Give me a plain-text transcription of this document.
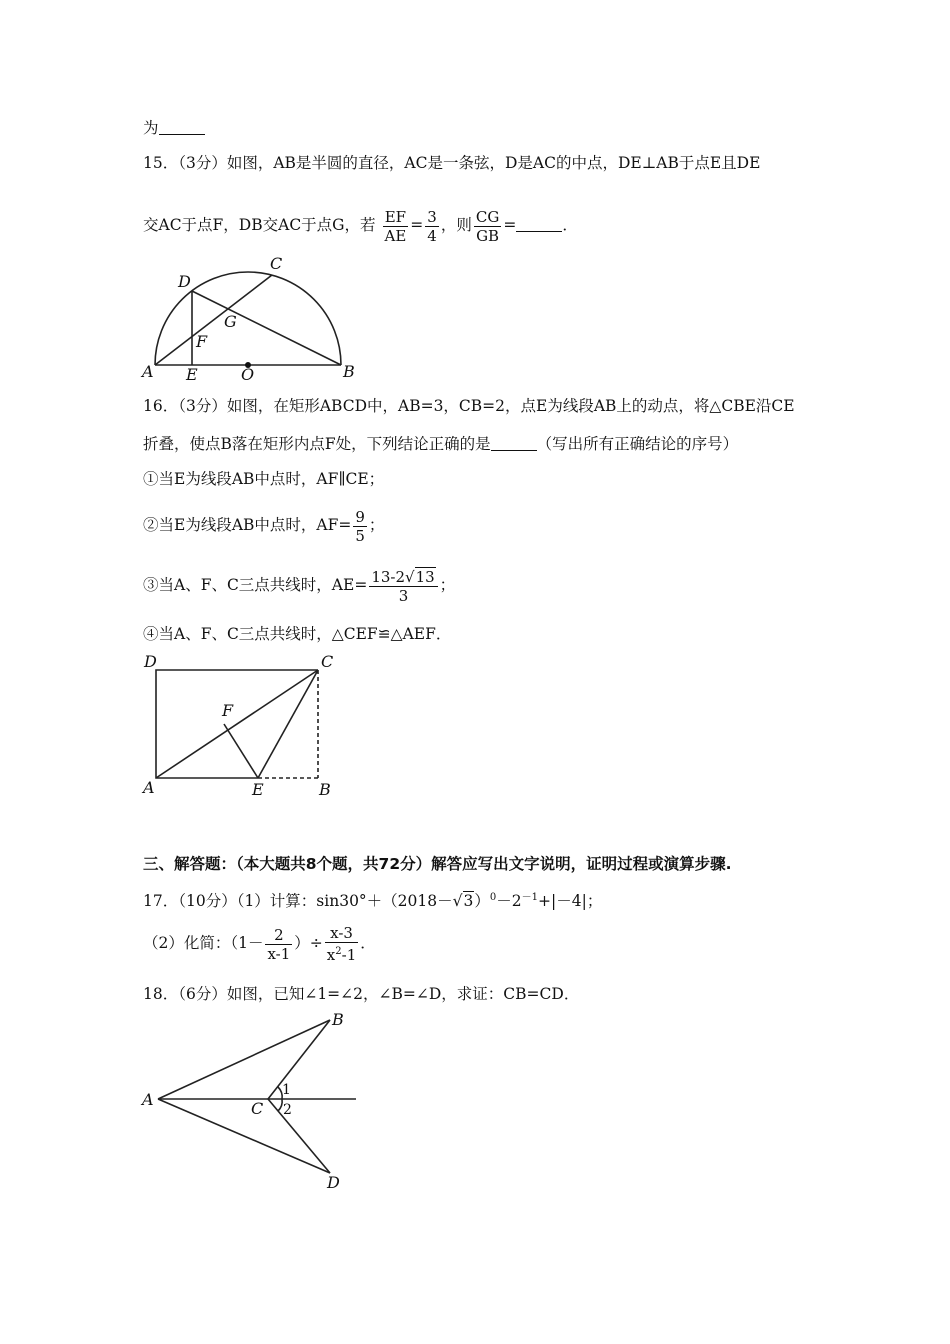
为
15．（3分）如图，AB是半圆的直径，AC是一条弦，D是AC的中点，DE⊥AB于点E且DE
交AC于点F，DB交AC于点G，若 $\frac{EF}{AE} = \frac{3}{4}$ ，则 $\frac{CG}{GB}$ =	．
D
C
G
F
A E	O	B
16．（3分）如图，在矩形ABCD中，AB=3，CB=2，点E为线段AB上的动点，将△CBE沿CE
折叠，使点B落在矩形内点F处，下列结论正确的是	（写出所有正确结论的序号）
①当E为线段AB中点时，AF∥CE；
②当E为线段AB中点时，$AF= \frac{9}{5}$ ；
③当A、F、C三点共线时，$AE= \frac{13-2√13}{3}$ ；
④当A、F、C三点共线时，△CEF≌△AEF．
D	C
F
A	E	B
三、解答题：（本大题共8个题，共72分）解答应写出文字说明，证明过程或演算步骤.
17．（10分）（1）计算：$\sin 30^\circ+(2018-√3)^0-2^{-1}+|-4|$；
（2）化简：（$1- \frac{2}{x-1}$ ）÷ $\frac{x-3}{x^2-1}$ ．
18．（6分）如图，已知∠1=∠2，∠B=∠D，求证：CB=CD．
A
B
C
D
1
2
